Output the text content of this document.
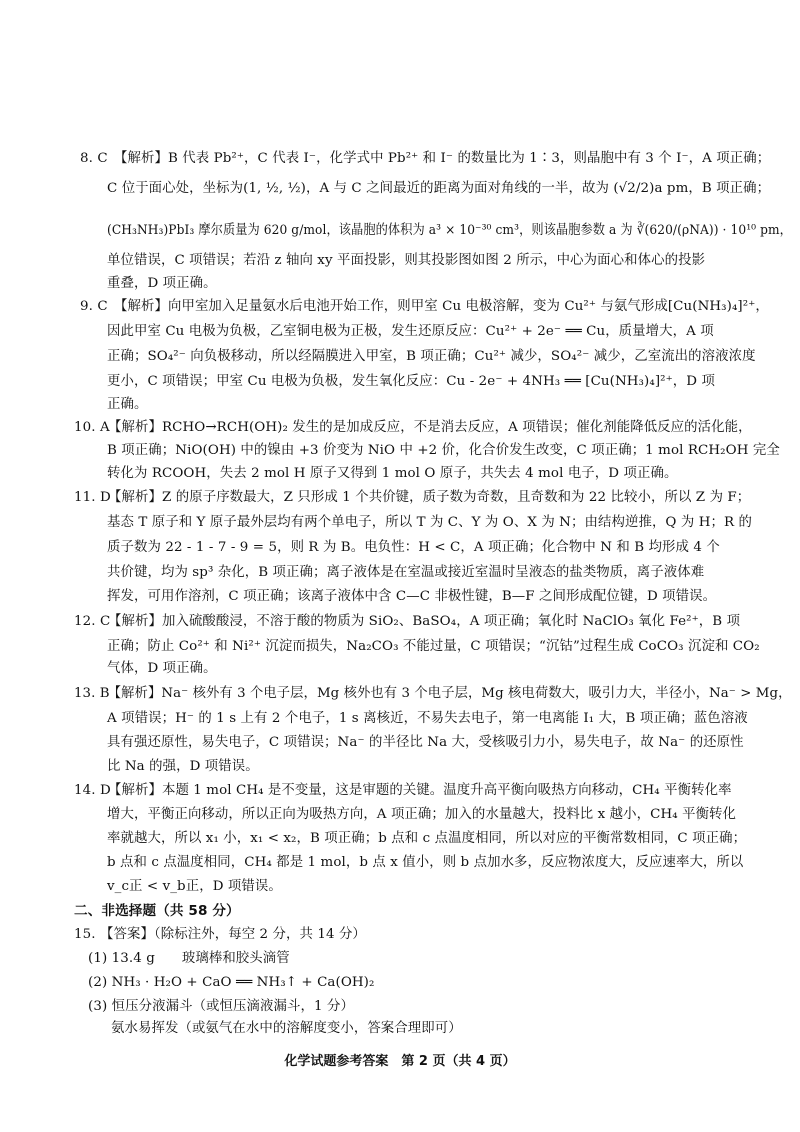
8. C 【解析】B 代表 Pb²⁺，C 代表 I⁻，化学式中 Pb²⁺ 和 I⁻ 的数量比为 1∶3，则晶胞中有 3 个 I⁻，A 项正确；
C 位于面心处，坐标为(1, ½, ½)，A 与 C 之间最近的距离为面对角线的一半，故为 (√2/2)a pm，B 项正确；
(CH₃NH₃)PbI₃ 摩尔质量为 620 g/mol，该晶胞的体积为 a³ × 10⁻³⁰ cm³，则该晶胞参数 a 为 ∛(620/(ρNA)) · 10¹⁰ pm，
单位错误，C 项错误；若沿 z 轴向 xy 平面投影，则其投影图如图 2 所示，中心为面心和体心的投影
重叠，D 项正确。
9. C 【解析】向甲室加入足量氨水后电池开始工作，则甲室 Cu 电极溶解，变为 Cu²⁺ 与氨气形成[Cu(NH₃)₄]²⁺，
因此甲室 Cu 电极为负极，乙室铜电极为正极，发生还原反应：Cu²⁺ + 2e⁻ ══ Cu，质量增大，A 项
正确；SO₄²⁻ 向负极移动，所以经隔膜进入甲室，B 项正确；Cu²⁺ 减少，SO₄²⁻ 减少，乙室流出的溶液浓度
更小，C 项错误；甲室 Cu 电极为负极，发生氧化反应：Cu - 2e⁻ + 4NH₃ ══ [Cu(NH₃)₄]²⁺，D 项
正确。
10. A【解析】RCHO→RCH(OH)₂ 发生的是加成反应，不是消去反应，A 项错误；催化剂能降低反应的活化能，
B 项正确；NiO(OH) 中的镍由 +3 价变为 NiO 中 +2 价，化合价发生改变，C 项正确；1 mol RCH₂OH 完全
转化为 RCOOH，失去 2 mol H 原子又得到 1 mol O 原子，共失去 4 mol 电子，D 项正确。
11. D【解析】Z 的原子序数最大，Z 只形成 1 个共价键，质子数为奇数，且奇数和为 22 比较小，所以 Z 为 F；
基态 T 原子和 Y 原子最外层均有两个单电子，所以 T 为 C、Y 为 O、X 为 N；由结构逆推，Q 为 H；R 的
质子数为 22 - 1 - 7 - 9 = 5，则 R 为 B。电负性：H < C，A 项正确；化合物中 N 和 B 均形成 4 个
共价键，均为 sp³ 杂化，B 项正确；离子液体是在室温或接近室温时呈液态的盐类物质，离子液体难
挥发，可用作溶剂，C 项正确；该离子液体中含 C—C 非极性键，B—F 之间形成配位键，D 项错误。
12. C【解析】加入硫酸酸浸，不溶于酸的物质为 SiO₂、BaSO₄，A 项正确；氧化时 NaClO₃ 氧化 Fe²⁺，B 项
正确；防止 Co²⁺ 和 Ni²⁺ 沉淀而损失，Na₂CO₃ 不能过量，C 项错误；“沉钴”过程生成 CoCO₃ 沉淀和 CO₂
气体，D 项正确。
13. B【解析】Na⁻ 核外有 3 个电子层，Mg 核外也有 3 个电子层，Mg 核电荷数大，吸引力大，半径小，Na⁻ > Mg，
A 项错误；H⁻ 的 1 s 上有 2 个电子，1 s 离核近，不易失去电子，第一电离能 I₁ 大，B 项正确；蓝色溶液
具有强还原性，易失电子，C 项错误；Na⁻ 的半径比 Na 大，受核吸引力小，易失电子，故 Na⁻ 的还原性
比 Na 的强，D 项错误。
14. D【解析】本题 1 mol CH₄ 是不变量，这是审题的关键。温度升高平衡向吸热方向移动，CH₄ 平衡转化率
增大，平衡正向移动，所以正向为吸热方向，A 项正确；加入的水量越大，投料比 x 越小，CH₄ 平衡转化
率就越大，所以 x₁ 小，x₁ < x₂，B 项正确；b 点和 c 点温度相同，所以对应的平衡常数相同，C 项正确；
b 点和 c 点温度相同，CH₄ 都是 1 mol，b 点 x 值小，则 b 点加水多，反应物浓度大，反应速率大，所以
v_c正 < v_b正，D 项错误。
二、非选择题（共 58 分）
15. 【答案】（除标注外，每空 2 分，共 14 分）
(1) 13.4 g　　玻璃棒和胶头滴管
(2) NH₃ · H₂O + CaO ══ NH₃↑ + Ca(OH)₂
(3) 恒压分液漏斗（或恒压滴液漏斗，1 分）
氨水易挥发（或氨气在水中的溶解度变小，答案合理即可）
化学试题参考答案　第 2 页（共 4 页）
